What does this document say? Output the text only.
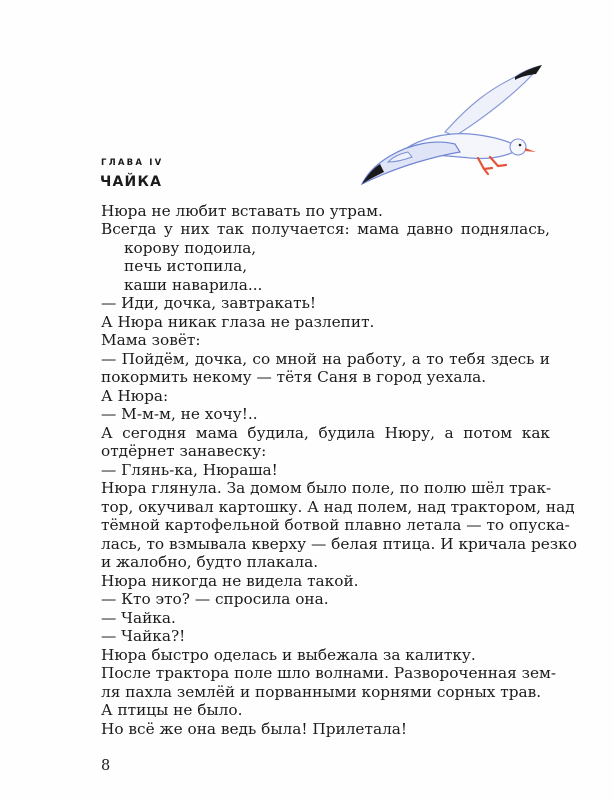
ГЛАВА IV
ЧАЙКА
Нюра не любит вставать по утрам.
Всегда у них так получается: мама давно поднялась,
корову подоила,
печь истопила,
каши наварила...
— Иди, дочка, завтракать!
А Нюра никак глаза не разлепит.
Мама зовёт:
— Пойдём, дочка, со мной на работу, а то тебя здесь и
покормить некому — тётя Саня в город уехала.
А Нюра:
— М-м-м, не хочу!..
А сегодня мама будила, будила Нюру, а потом как
отдёрнет занавеску:
— Глянь-ка, Нюраша!
Нюра глянула. За домом было поле, по полю шёл трак-
тор, окучивал картошку. А над полем, над трактором, над
тёмной картофельной ботвой плавно летала — то опуска-
лась, то взмывала кверху — белая птица. И кричала резко
и жалобно, будто плакала.
Нюра никогда не видела такой.
— Кто это? — спросила она.
— Чайка.
— Чайка?!
Нюра быстро оделась и выбежала за калитку.
После трактора поле шло волнами. Развороченная зем-
ля пахла землёй и порванными корнями сорных трав.
А птицы не было.
Но всё же она ведь была! Прилетала!
8
